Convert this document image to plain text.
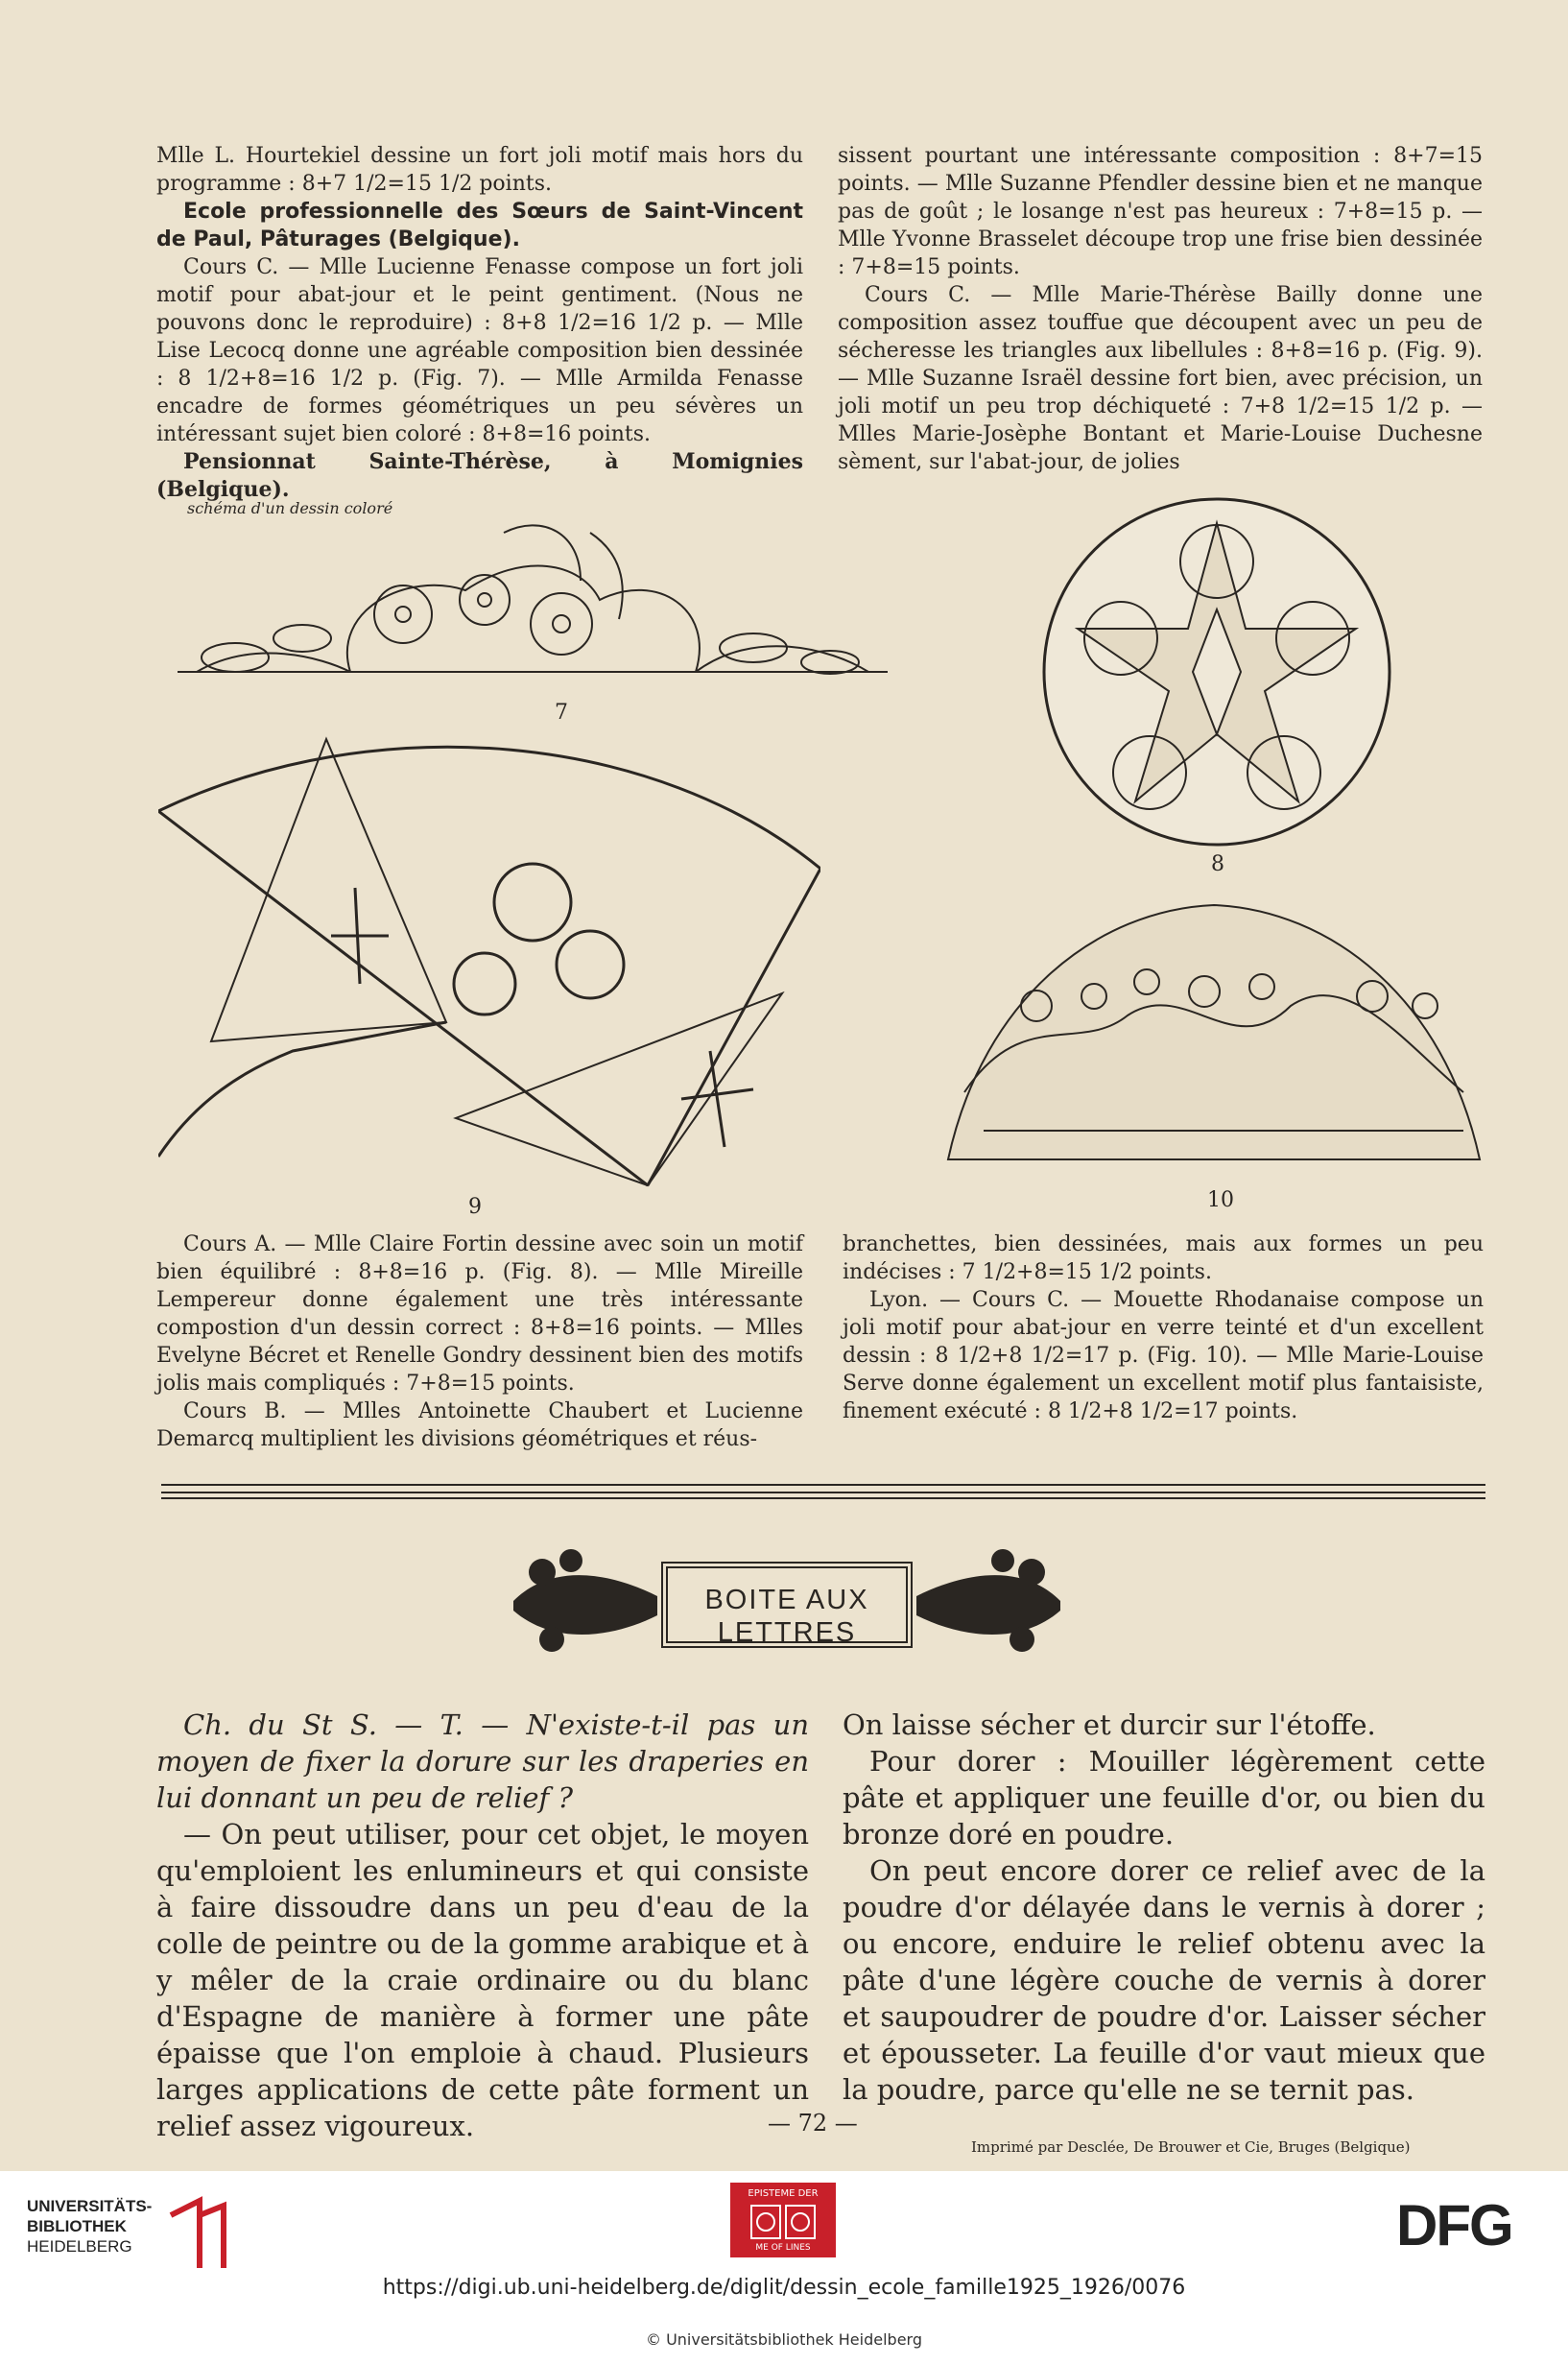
Mlle L. Hourtekiel dessine un fort joli motif mais hors du programme : 8+7 1/2=15 1/2 points.

Ecole professionnelle des Sœurs de Saint-Vincent de Paul, Pâturages (Belgique).

Cours C. — Mlle Lucienne Fenasse compose un fort joli motif pour abat-jour et le peint gentiment. (Nous ne pouvons donc le reproduire) : 8+8 1/2=16 1/2 p. — Mlle Lise Lecocq donne une agréable composition bien dessinée : 8 1/2+8=16 1/2 p. (Fig. 7). — Mlle Armilda Fenasse encadre de formes géométriques un peu sévères un intéressant sujet bien coloré : 8+8=16 points.

Pensionnat Sainte-Thérèse, à Momignies (Belgique).

sissent pourtant une intéressante composition : 8+7=15 points. — Mlle Suzanne Pfendler dessine bien et ne manque pas de goût ; le losange n'est pas heureux : 7+8=15 p. — Mlle Yvonne Brasselet découpe trop une frise bien dessinée : 7+8=15 points.

Cours C. — Mlle Marie-Thérèse Bailly donne une composition assez touffue que découpent avec un peu de sécheresse les triangles aux libellules : 8+8=16 p. (Fig. 9). — Mlle Suzanne Israël dessine fort bien, avec précision, un joli motif un peu trop déchiqueté : 7+8 1/2=15 1/2 p. — Mlles Marie-Josèphe Bontant et Marie-Louise Duchesne sèment, sur l'abat-jour, de jolies

schéma d'un dessin coloré
7
8
9	10

Cours A. — Mlle Claire Fortin dessine avec soin un motif bien équilibré : 8+8=16 p. (Fig. 8). — Mlle Mireille Lempereur donne également une très intéressante compostion d'un dessin correct : 8+8=16 points. — Mlles Evelyne Bécret et Renelle Gondry dessinent bien des motifs jolis mais compliqués : 7+8=15 points.

Cours B. — Mlles Antoinette Chaubert et Lucienne Demarcq multiplient les divisions géométriques et réus-

branchettes, bien dessinées, mais aux formes un peu indécises : 7 1/2+8=15 1/2 points.

Lyon. — Cours C. — Mouette Rhodanaise compose un joli motif pour abat-jour en verre teinté et d'un excellent dessin : 8 1/2+8 1/2=17 p. (Fig. 10). — Mlle Marie-Louise Serve donne également un excellent motif plus fantaisiste, finement exécuté : 8 1/2+8 1/2=17 points.

BOITE AUX
LETTRES

Ch. du St S. — T. — N'existe-t-il pas un moyen de fixer la dorure sur les draperies en lui donnant un peu de relief ?

— On peut utiliser, pour cet objet, le moyen qu'emploient les enlumineurs et qui consiste à faire dissoudre dans un peu d'eau de la colle de peintre ou de la gomme arabique et à y mêler de la craie ordinaire ou du blanc d'Espagne de manière à former une pâte épaisse que l'on emploie à chaud. Plusieurs larges applications de cette pâte forment un relief assez vigoureux.

On laisse sécher et durcir sur l'étoffe.

Pour dorer : Mouiller légèrement cette pâte et appliquer une feuille d'or, ou bien du bronze doré en poudre.

On peut encore dorer ce relief avec de la poudre d'or délayée dans le vernis à dorer ; ou encore, enduire le relief obtenu avec la pâte d'une légère couche de vernis à dorer et saupoudrer de poudre d'or. Laisser sécher et épousseter. La feuille d'or vaut mieux que la poudre, parce qu'elle ne se ternit pas.

— 72 —
Imprimé par Desclée, De Brouwer et Cie, Bruges (Belgique)
UNIVERSITÄTS-
BIBLIOTHEK
HEIDELBERG
EPISTEME DER
ME OF LINES	DFG
https://digi.ub.uni-heidelberg.de/diglit/dessin_ecole_famille1925_1926/0076
© Universitätsbibliothek Heidelberg
